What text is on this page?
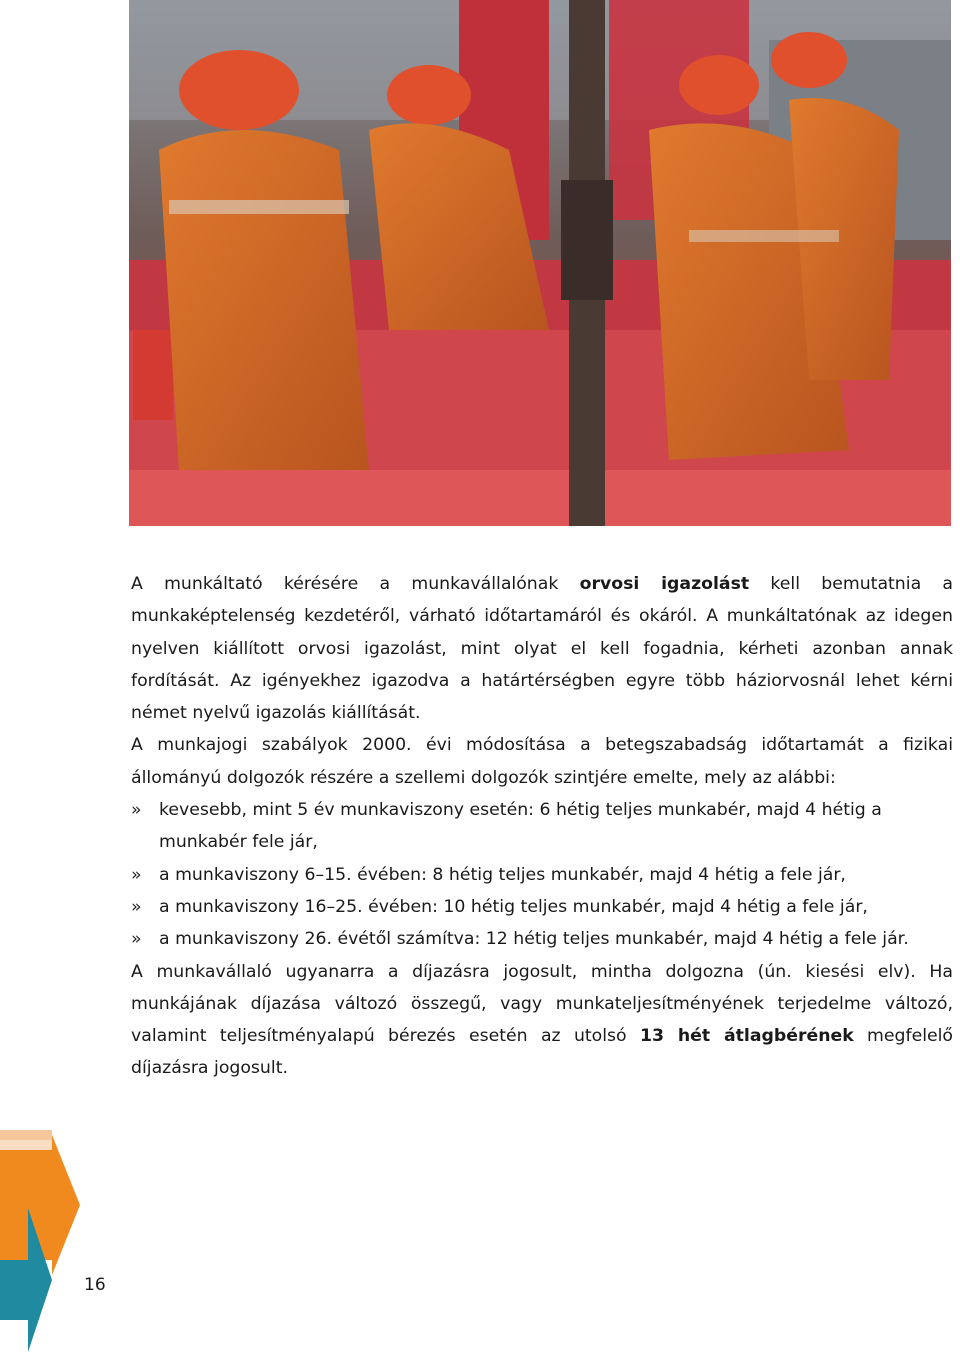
A munkáltató kérésére a munkavállalónak orvosi igazolást kell bemutatnia a munkaképtelenség kezdetéről, várható időtartamáról és okáról. A munkáltatónak az idegen nyelven kiállított orvosi igazolást, mint olyat el kell fogadnia, kérheti azonban annak fordítását. Az igényekhez igazodva a határtérségben egyre több háziorvosnál lehet kérni német nyelvű igazolás kiállítását.

A munkajogi szabályok 2000. évi módosítása a betegszabadság időtartamát a fizikai állományú dolgozók részére a szellemi dolgozók szintjére emelte, mely az alábbi:

» kevesebb, mint 5 év munkaviszony esetén: 6 hétig teljes munkabér, majd 4 hétig a munkabér fele jár,
» a munkaviszony 6–15. évében: 8 hétig teljes munkabér, majd 4 hétig a fele jár,
» a munkaviszony 16–25. évében: 10 hétig teljes munkabér, majd 4 hétig a fele jár,
» a munkaviszony 26. évétől számítva: 12 hétig teljes munkabér, majd 4 hétig a fele jár.

A munkavállaló ugyanarra a díjazásra jogosult, mintha dolgozna (ún. kiesési elv). Ha munkájának díjazása változó összegű, vagy munkateljesítményének terjedelme változó, valamint teljesítményalapú bérezés esetén az utolsó 13 hét átlagbérének megfelelő díjazásra jogosult.

16
